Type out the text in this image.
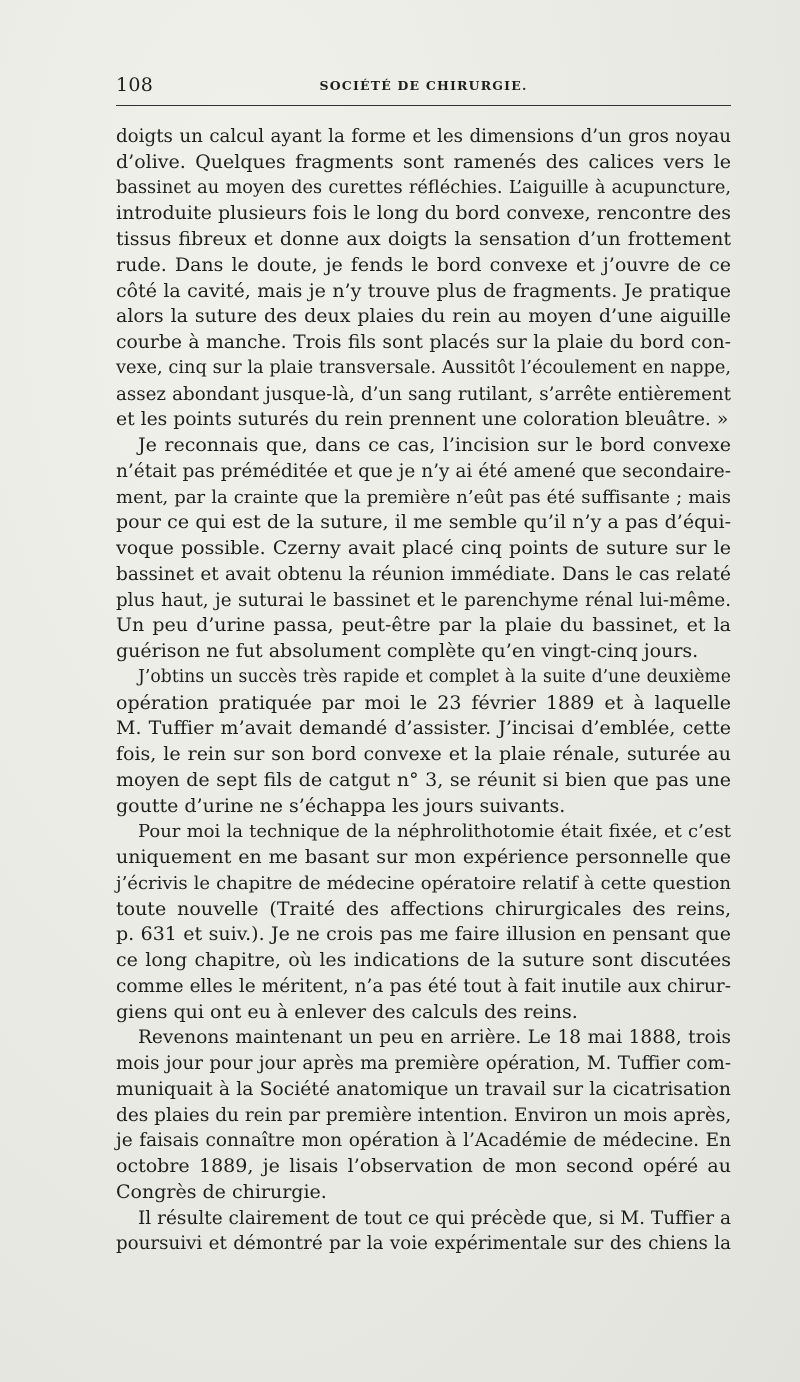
108	SOCIÉTÉ DE CHIRURGIE.
doigts un calcul ayant la forme et les dimensions d’un gros noyau
d’olive. Quelques fragments sont ramenés des calices vers le
bassinet au moyen des curettes réfléchies. L’aiguille à acupuncture,
introduite plusieurs fois le long du bord convexe, rencontre des
tissus fibreux et donne aux doigts la sensation d’un frottement
rude. Dans le doute, je fends le bord convexe et j’ouvre de ce
côté la cavité, mais je n’y trouve plus de fragments. Je pratique
alors la suture des deux plaies du rein au moyen d’une aiguille
courbe à manche. Trois fils sont placés sur la plaie du bord con-
vexe, cinq sur la plaie transversale. Aussitôt l’écoulement en nappe,
assez abondant jusque-là, d’un sang rutilant, s’arrête entièrement
et les points suturés du rein prennent une coloration bleuâtre. »
Je reconnais que, dans ce cas, l’incision sur le bord convexe
n’était pas préméditée et que je n’y ai été amené que secondaire-
ment, par la crainte que la première n’eût pas été suffisante ; mais
pour ce qui est de la suture, il me semble qu’il n’y a pas d’équi-
voque possible. Czerny avait placé cinq points de suture sur le
bassinet et avait obtenu la réunion immédiate. Dans le cas relaté
plus haut, je suturai le bassinet et le parenchyme rénal lui-même.
Un peu d’urine passa, peut-être par la plaie du bassinet, et la
guérison ne fut absolument complète qu’en vingt-cinq jours.
J’obtins un succès très rapide et complet à la suite d’une deuxième
opération pratiquée par moi le 23 février 1889 et à laquelle
M. Tuffier m’avait demandé d’assister. J’incisai d’emblée, cette
fois, le rein sur son bord convexe et la plaie rénale, suturée au
moyen de sept fils de catgut n° 3, se réunit si bien que pas une
goutte d’urine ne s’échappa les jours suivants.
Pour moi la technique de la néphrolithotomie était fixée, et c’est
uniquement en me basant sur mon expérience personnelle que
j’écrivis le chapitre de médecine opératoire relatif à cette question
toute nouvelle (Traité des affections chirurgicales des reins,
p. 631 et suiv.). Je ne crois pas me faire illusion en pensant que
ce long chapitre, où les indications de la suture sont discutées
comme elles le méritent, n’a pas été tout à fait inutile aux chirur-
giens qui ont eu à enlever des calculs des reins.
Revenons maintenant un peu en arrière. Le 18 mai 1888, trois
mois jour pour jour après ma première opération, M. Tuffier com-
muniquait à la Société anatomique un travail sur la cicatrisation
des plaies du rein par première intention. Environ un mois après,
je faisais connaître mon opération à l’Académie de médecine. En
octobre 1889, je lisais l’observation de mon second opéré au
Congrès de chirurgie.
Il résulte clairement de tout ce qui précède que, si M. Tuffier a
poursuivi et démontré par la voie expérimentale sur des chiens la
